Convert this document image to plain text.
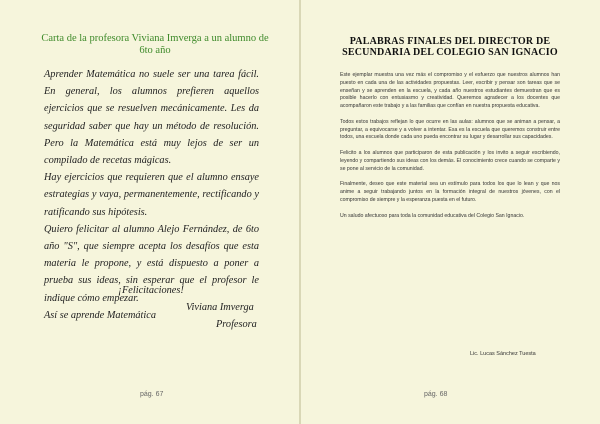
Carta de la profesora Viviana Imverga a un alumno de 6to año

Aprender Matemática no suele ser una tarea fácil. En general, los alumnos prefieren aquellos ejercicios que se resuelven mecánicamente. Les da seguridad saber que hay un método de resolución. Pero la Matemática está muy lejos de ser un compilado de recetas mágicas.

Hay ejercicios que requieren que el alumno ensaye estrategias y vaya, permanentemente, rectificando y ratificando sus hipótesis.

Quiero felicitar al alumno Alejo Fernández, de 6to año "S", que siempre acepta los desafíos que esta materia le propone, y está dispuesto a poner a prueba sus ideas, sin esperar que el profesor le indique cómo empezar.

Así se aprende Matemática

¡Felicitaciones!
Viviana Imverga
Profesora
pág. 67
PALABRAS FINALES DEL DIRECTOR DE
SECUNDARIA DEL COLEGIO SAN IGNACIO

Este ejemplar muestra una vez más el compromiso y el esfuerzo que nuestros alumnos han puesto en cada una de las actividades propuestas. Leer, escribir y pensar son tareas que se enseñan y se aprenden en la escuela, y cada año nuestros estudiantes demuestran que es posible hacerlo con entusiasmo y creatividad. Queremos agradecer a los docentes que acompañaron este trabajo y a las familias que confían en nuestra propuesta educativa.

Todos estos trabajos reflejan lo que ocurre en las aulas: alumnos que se animan a pensar, a preguntar, a equivocarse y a volver a intentar. Esa es la escuela que queremos construir entre todos, una escuela donde cada uno pueda encontrar su lugar y desarrollar sus capacidades.

Felicito a los alumnos que participaron de esta publicación y los invito a seguir escribiendo, leyendo y compartiendo sus ideas con los demás. El conocimiento crece cuando se comparte y se pone al servicio de la comunidad.

Finalmente, deseo que este material sea un estímulo para todos los que lo lean y que nos anime a seguir trabajando juntos en la formación integral de nuestros jóvenes, con el compromiso de siempre y la esperanza puesta en el futuro.

Un saludo afectuoso para toda la comunidad educativa del Colegio San Ignacio.

Lic. Lucas Sánchez Tuesta
pág. 68
